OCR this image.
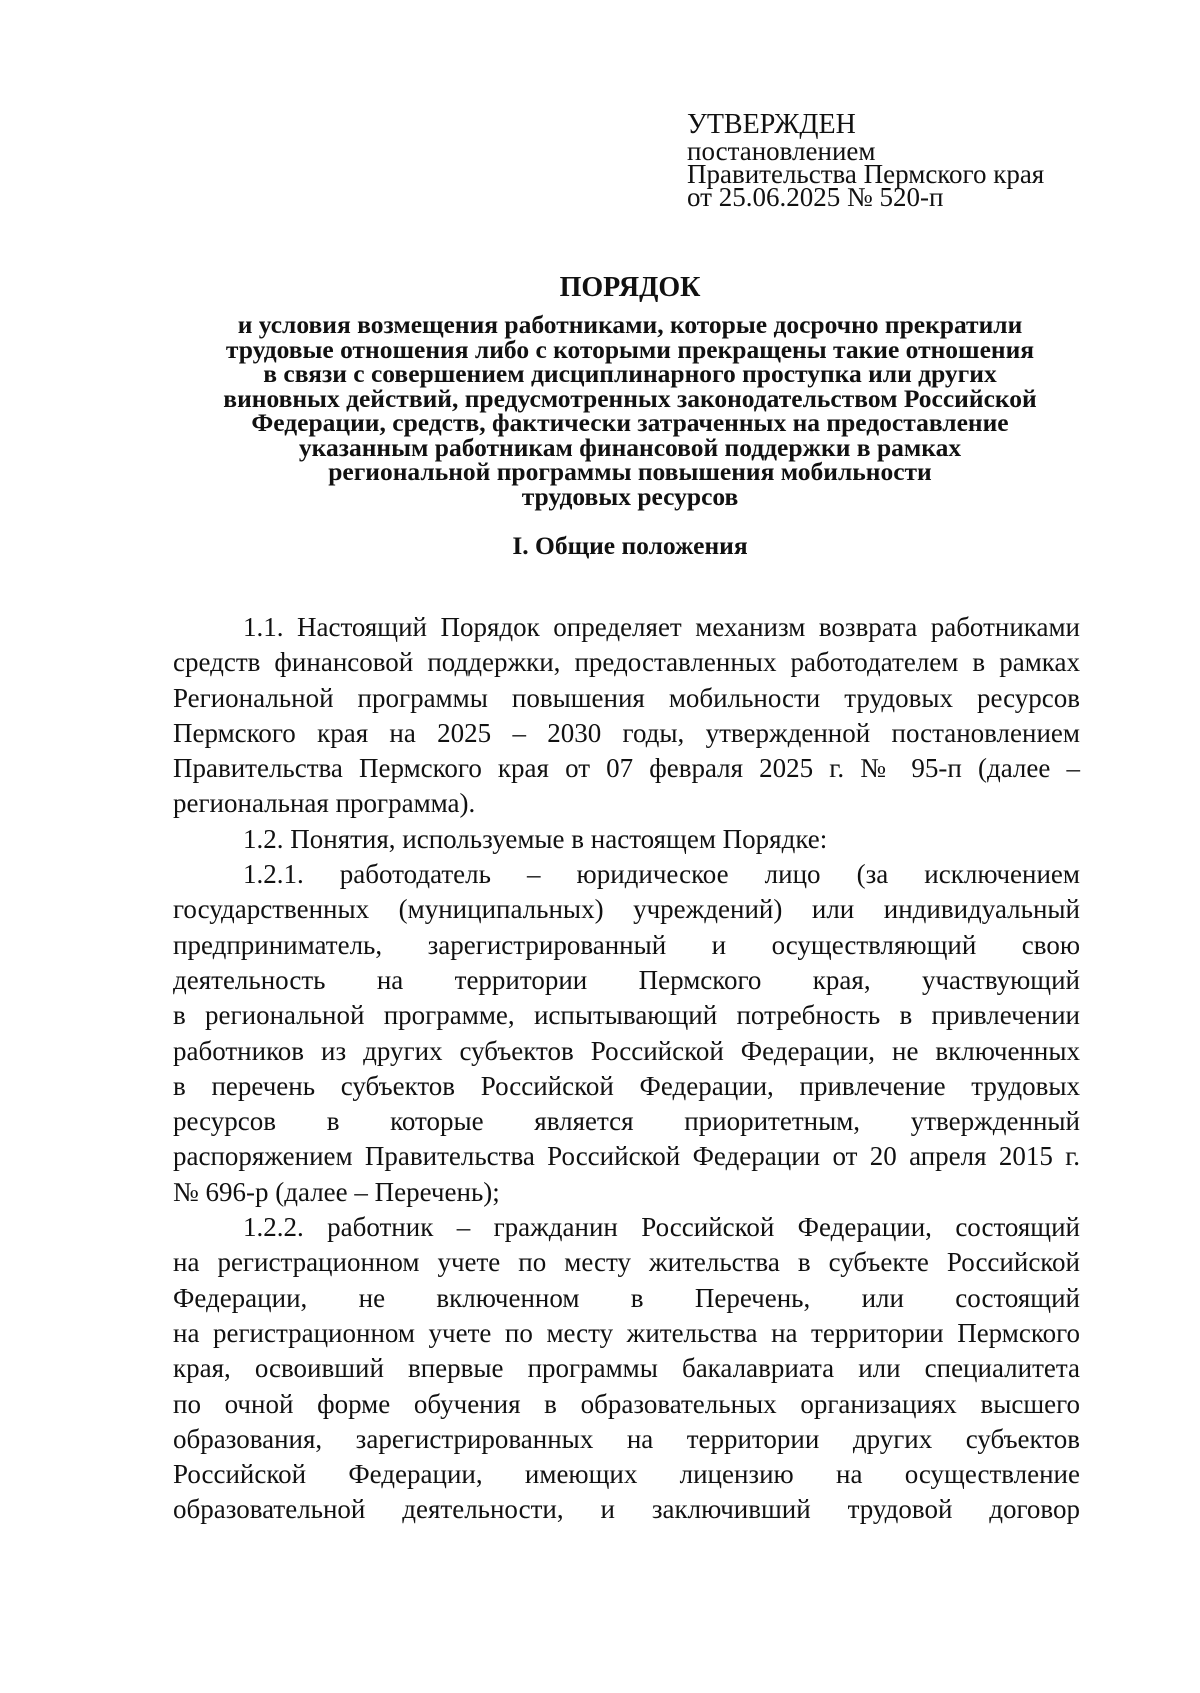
УТВЕРЖДЕН
постановлением
Правительства Пермского края
от 25.06.2025 № 520-п
ПОРЯДОК
и условия возмещения работниками, которые досрочно прекратили
трудовые отношения либо с которыми прекращены такие отношения
в связи с совершением дисциплинарного проступка или других
виновных действий, предусмотренных законодательством Российской
Федерации, средств, фактически затраченных на предоставление
указанным работникам финансовой поддержки в рамках
региональной программы повышения мобильности
трудовых ресурсов
I. Общие положения
1.1. Настоящий Порядок определяет механизм возврата работниками
средств финансовой поддержки, предоставленных работодателем в рамках
Региональной программы повышения мобильности трудовых ресурсов
Пермского края на 2025 – 2030 годы, утвержденной постановлением
Правительства Пермского края от 07 февраля 2025 г. № 95-п (далее –
региональная программа).
1.2. Понятия, используемые в настоящем Порядке:
1.2.1. работодатель – юридическое лицо (за исключением
государственных (муниципальных) учреждений) или индивидуальный
предприниматель, зарегистрированный и осуществляющий свою
деятельность на территории Пермского края, участвующий
в региональной программе, испытывающий потребность в привлечении
работников из других субъектов Российской Федерации, не включенных
в перечень субъектов Российской Федерации, привлечение трудовых
ресурсов в которые является приоритетным, утвержденный
распоряжением Правительства Российской Федерации от 20 апреля 2015 г.
№ 696-р (далее – Перечень);
1.2.2. работник – гражданин Российской Федерации, состоящий
на регистрационном учете по месту жительства в субъекте Российской
Федерации, не включенном в Перечень, или состоящий
на регистрационном учете по месту жительства на территории Пермского
края, освоивший впервые программы бакалавриата или специалитета
по очной форме обучения в образовательных организациях высшего
образования, зарегистрированных на территории других субъектов
Российской Федерации, имеющих лицензию на осуществление
образовательной деятельности, и заключивший трудовой договор
